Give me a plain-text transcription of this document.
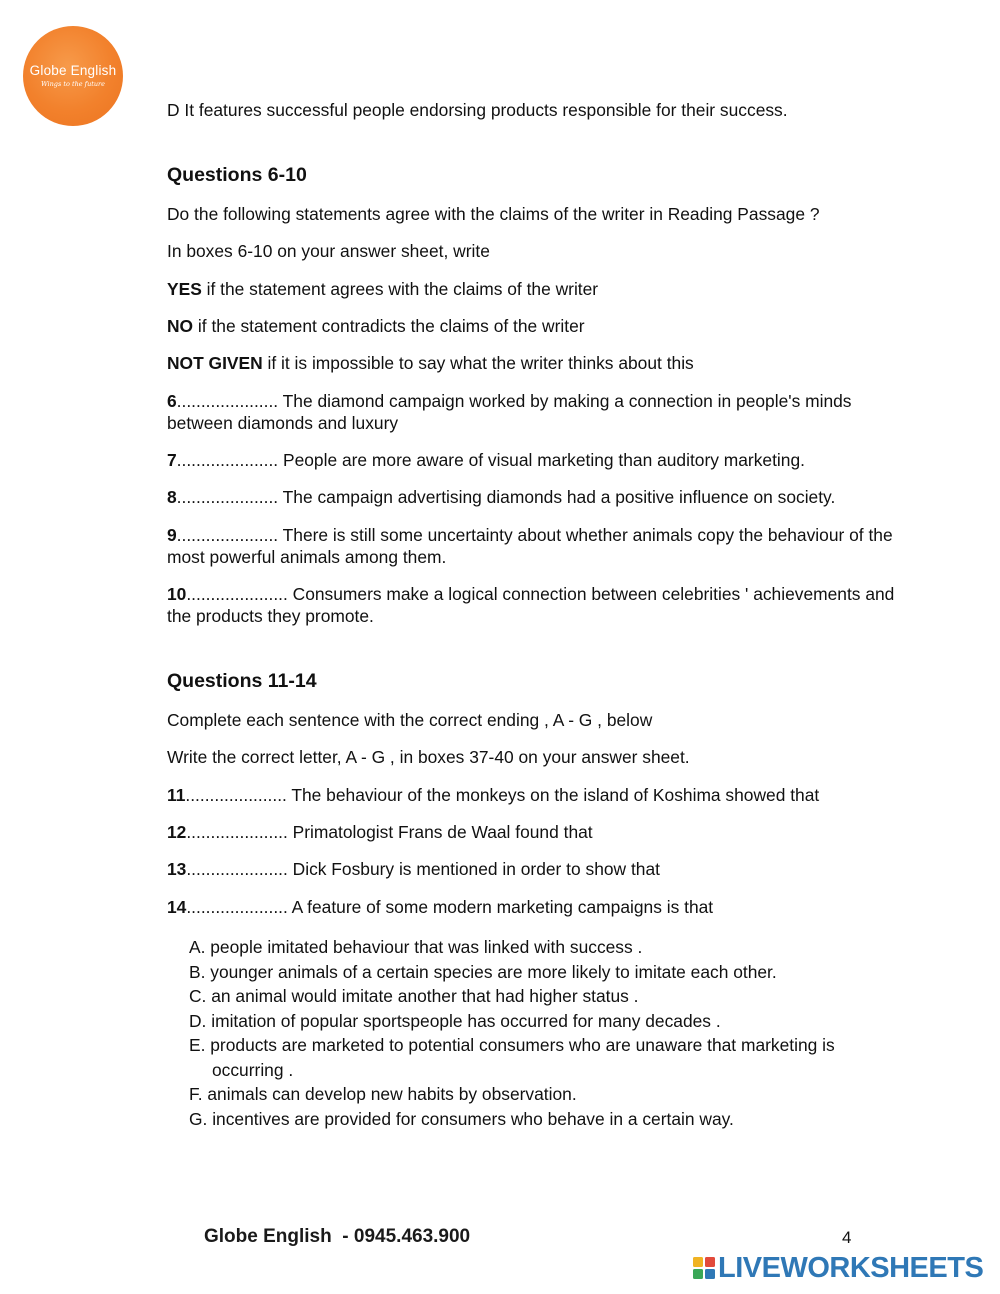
Globe English
Wings to the future

D It features successful people endorsing products responsible for their success.

Questions 6-10

Do the following statements agree with the claims of the writer in Reading Passage ?

In boxes 6-10 on your answer sheet, write

YES if the statement agrees with the claims of the writer

NO if the statement contradicts the claims of the writer

NOT GIVEN if it is impossible to say what the writer thinks about this

6..................... The diamond campaign worked by making a connection in people's minds between diamonds and luxury

7..................... People are more aware of visual marketing than auditory marketing.

8..................... The campaign advertising diamonds had a positive influence on society.

9..................... There is still some uncertainty about whether animals copy the behaviour of the most powerful animals among them.

10..................... Consumers make a logical connection between celebrities ' achievements and the products they promote.

Questions 11-14

Complete each sentence with the correct ending , A - G , below

Write the correct letter, A - G , in boxes 37-40 on your answer sheet.

11..................... The behaviour of the monkeys on the island of Koshima showed that

12..................... Primatologist Frans de Waal found that

13..................... Dick Fosbury is mentioned in order to show that

14..................... A feature of some modern marketing campaigns is that

A. people imitated behaviour that was linked with success .
B. younger animals of a certain species are more likely to imitate each other.
C. an animal would imitate another that had higher status .
D. imitation of popular sportspeople has occurred for many decades .
E. products are marketed to potential consumers who are unaware that marketing is occurring .
F. animals can develop new habits by observation.
G. incentives are provided for consumers who behave in a certain way.
Globe English  - 0945.463.900	4
LIVEWORKSHEETS
